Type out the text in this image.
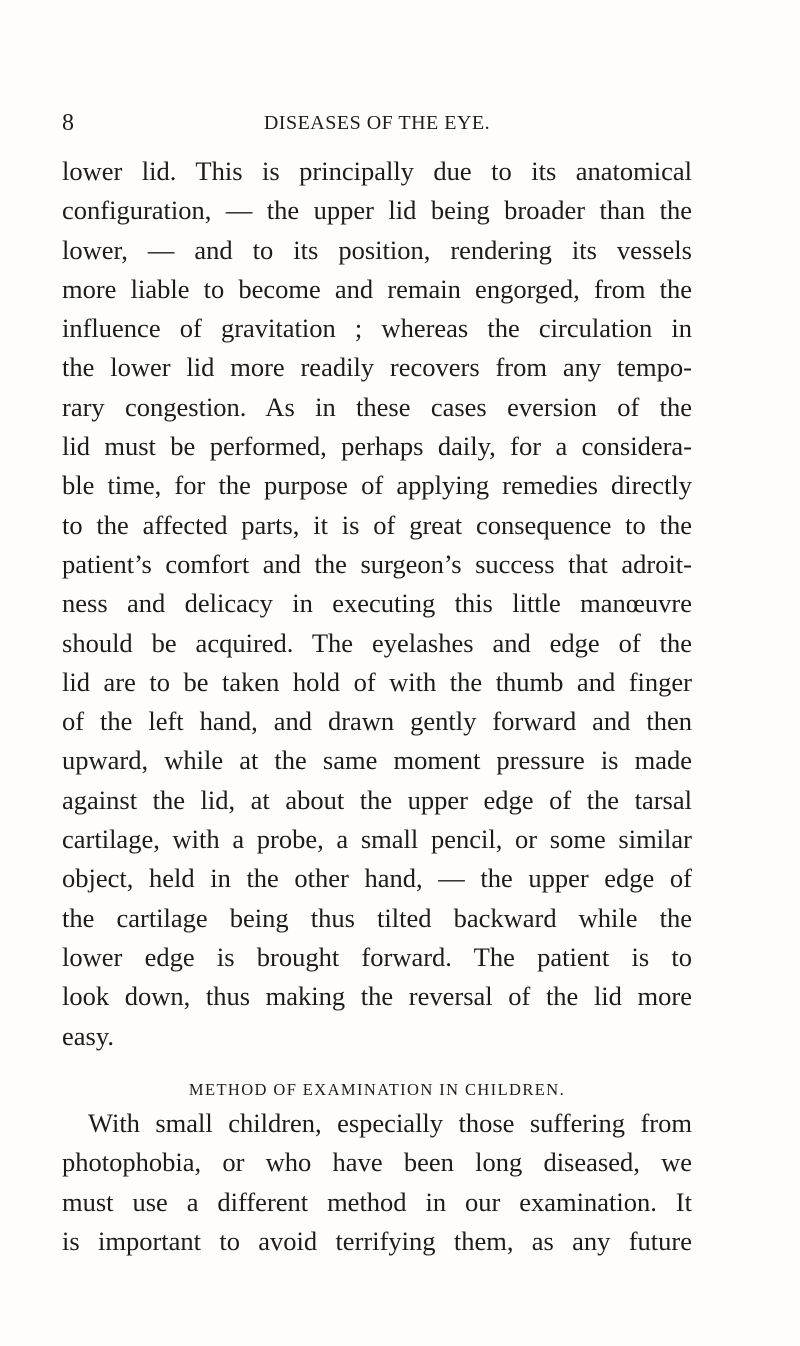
8	DISEASES OF THE EYE.
lower lid. This is principally due to its anatomical
configuration, — the upper lid being broader than the
lower, — and to its position, rendering its vessels
more liable to become and remain engorged, from the
influence of gravitation ; whereas the circulation in
the lower lid more readily recovers from any tempo-
rary congestion. As in these cases eversion of the
lid must be performed, perhaps daily, for a considera-
ble time, for the purpose of applying remedies directly
to the affected parts, it is of great consequence to the
patient’s comfort and the surgeon’s success that adroit-
ness and delicacy in executing this little manœuvre
should be acquired. The eyelashes and edge of the
lid are to be taken hold of with the thumb and finger
of the left hand, and drawn gently forward and then
upward, while at the same moment pressure is made
against the lid, at about the upper edge of the tarsal
cartilage, with a probe, a small pencil, or some similar
object, held in the other hand, — the upper edge of
the cartilage being thus tilted backward while the
lower edge is brought forward. The patient is to
look down, thus making the reversal of the lid more
easy.
METHOD OF EXAMINATION IN CHILDREN.
With small children, especially those suffering from
photophobia, or who have been long diseased, we
must use a different method in our examination. It
is important to avoid terrifying them, as any future
